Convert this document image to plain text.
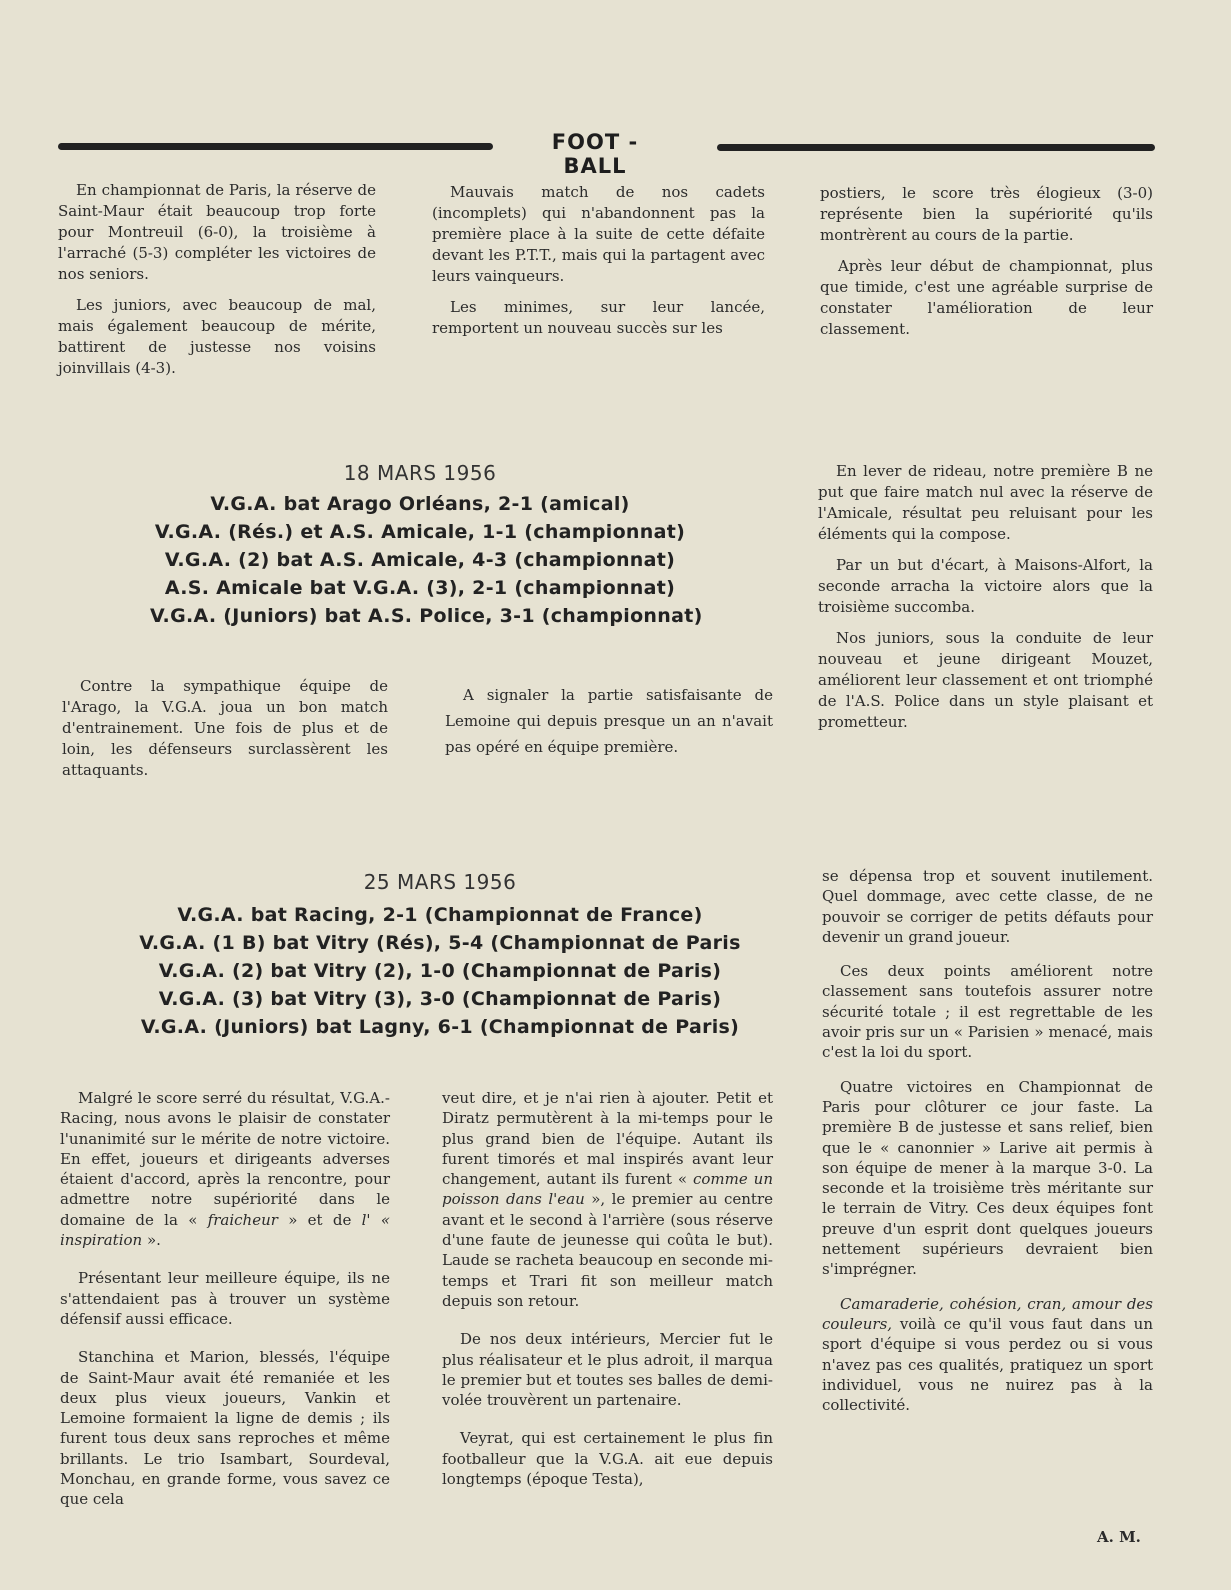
FOOT - BALL

En championnat de Paris, la réserve de Saint-Maur était beaucoup trop forte pour Montreuil (6-0), la troisième à l'arraché (5-3) compléter les victoires de nos seniors.

Les juniors, avec beaucoup de mal, mais également beaucoup de mérite, battirent de justesse nos voisins joinvillais (4-3).

Mauvais match de nos cadets (incomplets) qui n'abandonnent pas la première place à la suite de cette défaite devant les P.T.T., mais qui la partagent avec leurs vainqueurs.

Les minimes, sur leur lancée, remportent un nouveau succès sur les

postiers, le score très élogieux (3-0) représente bien la supériorité qu'ils montrèrent au cours de la partie.

Après leur début de championnat, plus que timide, c'est une agréable surprise de constater l'amélioration de leur classement.

18 MARS 1956
V.G.A. bat Arago Orléans, 2-1 (amical)
V.G.A. (Rés.) et A.S. Amicale, 1-1 (championnat)
V.G.A. (2) bat A.S. Amicale, 4-3 (championnat)
A.S. Amicale bat V.G.A. (3), 2-1 (championnat)
V.G.A. (Juniors) bat A.S. Police, 3-1 (championnat)

Contre la sympathique équipe de l'Arago, la V.G.A. joua un bon match d'entrainement. Une fois de plus et de loin, les défenseurs surclassèrent les attaquants.

A signaler la partie satisfaisante de Lemoine qui depuis presque un an n'avait pas opéré en équipe première.

En lever de rideau, notre première B ne put que faire match nul avec la réserve de l'Amicale, résultat peu reluisant pour les éléments qui la compose.

Par un but d'écart, à Maisons-Alfort, la seconde arracha la victoire alors que la troisième succomba.

Nos juniors, sous la conduite de leur nouveau et jeune dirigeant Mouzet, améliorent leur classement et ont triomphé de l'A.S. Police dans un style plaisant et prometteur.

25 MARS 1956
V.G.A. bat Racing, 2-1 (Championnat de France)
V.G.A. (1 B) bat Vitry (Rés), 5-4 (Championnat de Paris
V.G.A. (2) bat Vitry (2), 1-0 (Championnat de Paris)
V.G.A. (3) bat Vitry (3), 3-0 (Championnat de Paris)
V.G.A. (Juniors) bat Lagny, 6-1 (Championnat de Paris)

Malgré le score serré du résultat, V.G.A.-Racing, nous avons le plaisir de constater l'unanimité sur le mérite de notre victoire. En effet, joueurs et dirigeants adverses étaient d'accord, après la rencontre, pour admettre notre supériorité dans le domaine de la « fraicheur » et de l' « inspiration ».

Présentant leur meilleure équipe, ils ne s'attendaient pas à trouver un système défensif aussi efficace.

Stanchina et Marion, blessés, l'équipe de Saint-Maur avait été remaniée et les deux plus vieux joueurs, Vankin et Lemoine formaient la ligne de demis ; ils furent tous deux sans reproches et même brillants. Le trio Isambart, Sourdeval, Monchau, en grande forme, vous savez ce que cela

veut dire, et je n'ai rien à ajouter. Petit et Diratz permutèrent à la mi-temps pour le plus grand bien de l'équipe. Autant ils furent timorés et mal inspirés avant leur changement, autant ils furent « comme un poisson dans l'eau », le premier au centre avant et le second à l'arrière (sous réserve d'une faute de jeunesse qui coûta le but). Laude se racheta beaucoup en seconde mi-temps et Trari fit son meilleur match depuis son retour.

De nos deux intérieurs, Mercier fut le plus réalisateur et le plus adroit, il marqua le premier but et toutes ses balles de demi-volée trouvèrent un partenaire.

Veyrat, qui est certainement le plus fin footballeur que la V.G.A. ait eue depuis longtemps (époque Testa),

se dépensa trop et souvent inutilement. Quel dommage, avec cette classe, de ne pouvoir se corriger de petits défauts pour devenir un grand joueur.

Ces deux points améliorent notre classement sans toutefois assurer notre sécurité totale ; il est regrettable de les avoir pris sur un « Parisien » menacé, mais c'est la loi du sport.

Quatre victoires en Championnat de Paris pour clôturer ce jour faste. La première B de justesse et sans relief, bien que le « canonnier » Larive ait permis à son équipe de mener à la marque 3-0. La seconde et la troisième très méritante sur le terrain de Vitry. Ces deux équipes font preuve d'un esprit dont quelques joueurs nettement supérieurs devraient bien s'imprégner.

Camaraderie, cohésion, cran, amour des couleurs, voilà ce qu'il vous faut dans un sport d'équipe si vous perdez ou si vous n'avez pas ces qualités, pratiquez un sport individuel, vous ne nuirez pas à la collectivité.

A. M.
